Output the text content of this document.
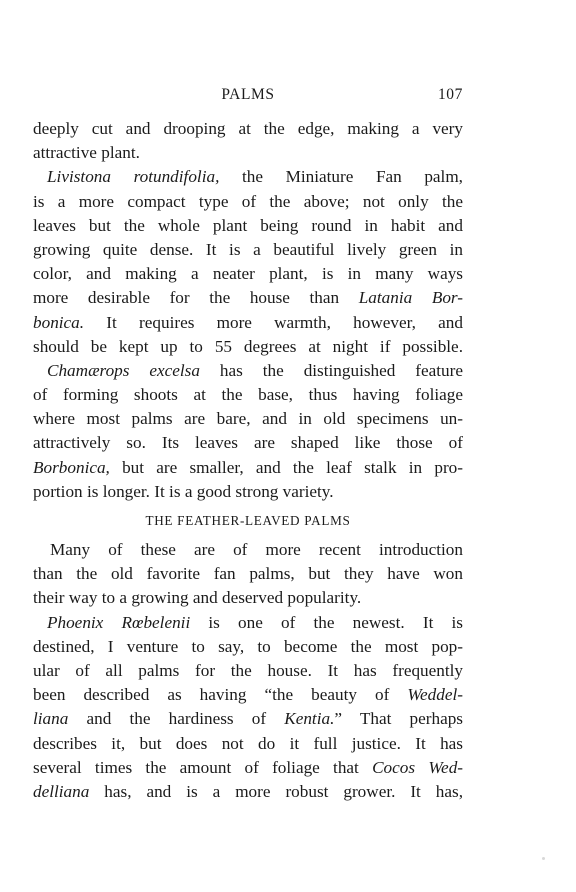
PALMS	107
deeply cut and drooping at the edge, making a very
attractive plant.
Livistona rotundifolia, the Miniature Fan palm,
is a more compact type of the above; not only the
leaves but the whole plant being round in habit and
growing quite dense. It is a beautiful lively green in
color, and making a neater plant, is in many ways
more desirable for the house than Latania Bor-
bonica. It requires more warmth, however, and
should be kept up to 55 degrees at night if possible.
Chamærops excelsa has the distinguished feature
of forming shoots at the base, thus having foliage
where most palms are bare, and in old specimens un-
attractively so. Its leaves are shaped like those of
Borbonica, but are smaller, and the leaf stalk in pro-
portion is longer. It is a good strong variety.
THE FEATHER-LEAVED PALMS
Many of these are of more recent introduction
than the old favorite fan palms, but they have won
their way to a growing and deserved popularity.
Phoenix Rœbelenii is one of the newest. It is
destined, I venture to say, to become the most pop-
ular of all palms for the house. It has frequently
been described as having “the beauty of Weddel-
liana and the hardiness of Kentia.” That perhaps
describes it, but does not do it full justice. It has
several times the amount of foliage that Cocos Wed-
delliana has, and is a more robust grower. It has,
